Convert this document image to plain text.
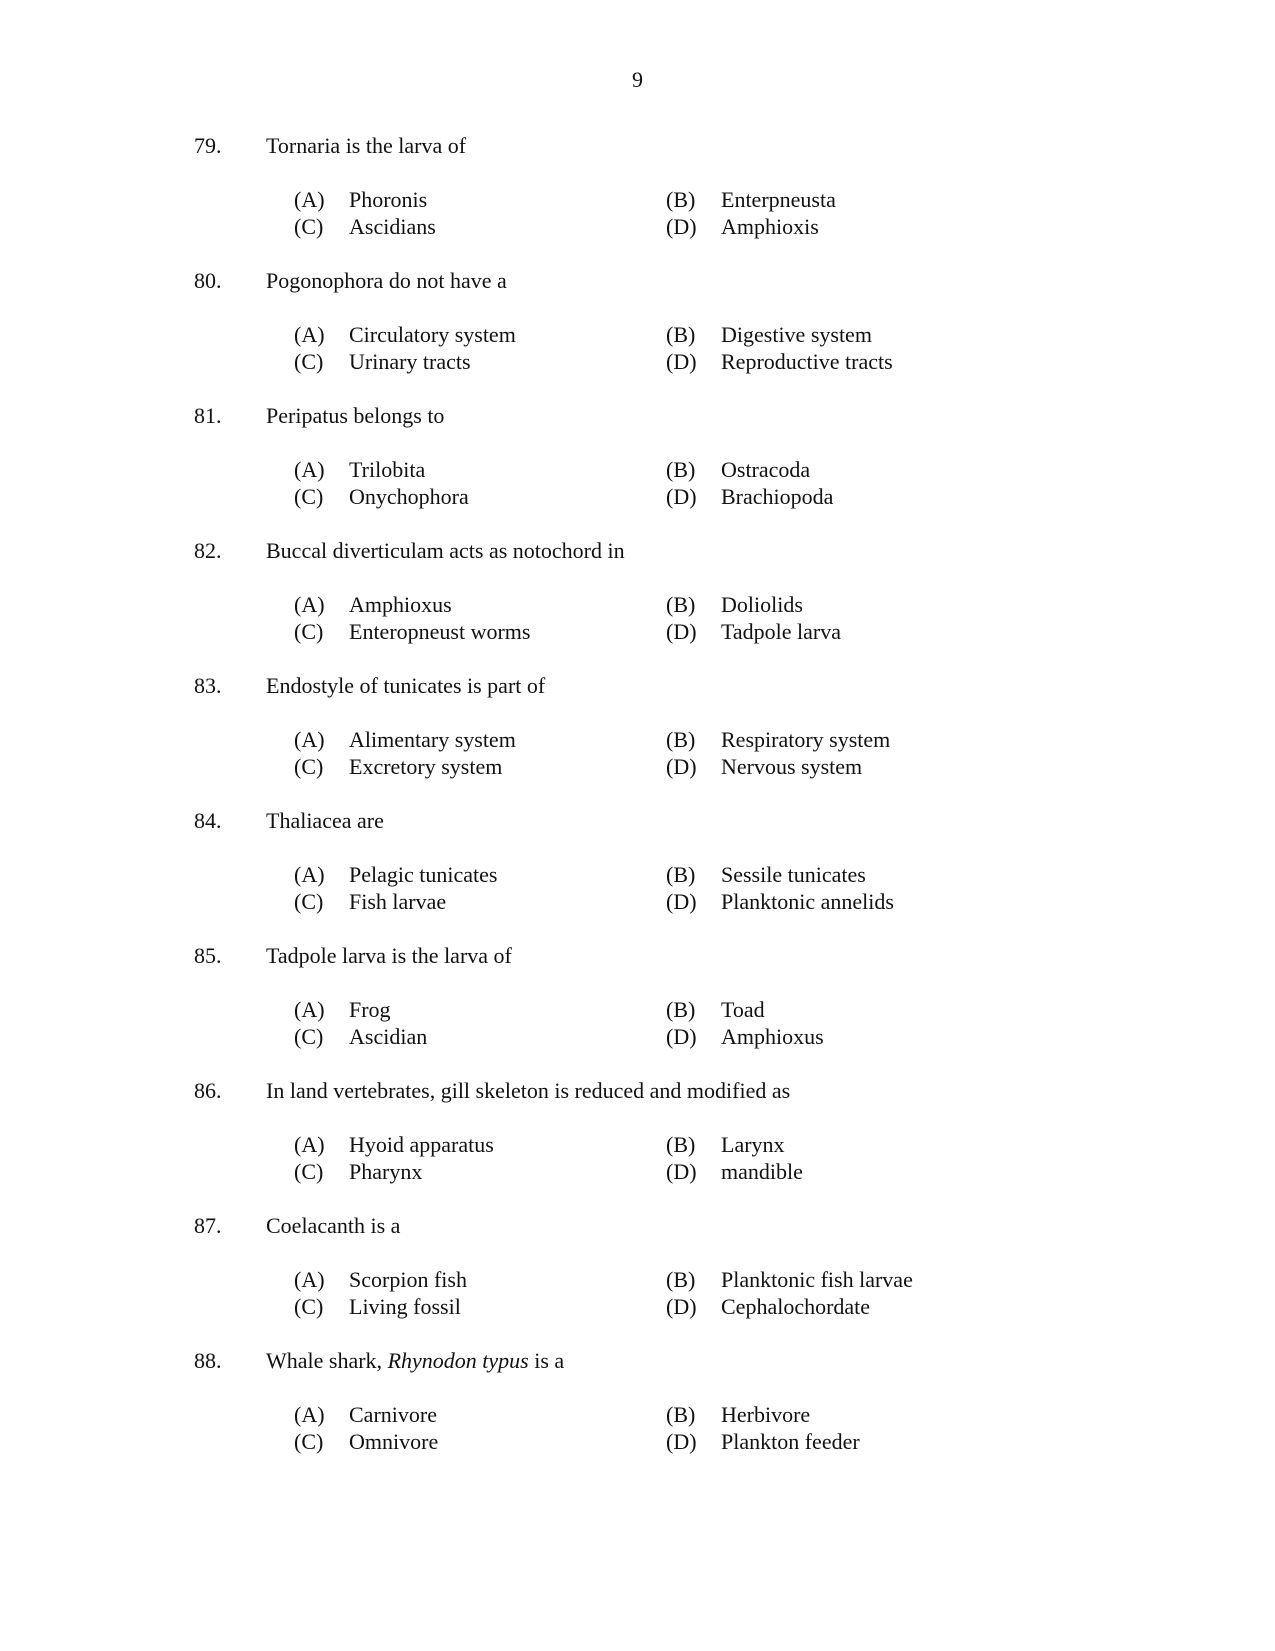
9
79. Tornaria is the larva of
(A) Phoronis	(B) Enterpneusta
(C) Ascidians	(D) Amphioxis
80. Pogonophora do not have a
(A) Circulatory system	(B) Digestive system
(C) Urinary tracts	(D) Reproductive tracts
81. Peripatus belongs to
(A) Trilobita	(B) Ostracoda
(C) Onychophora	(D) Brachiopoda
82. Buccal diverticulam acts as notochord in
(A) Amphioxus	(B) Doliolids
(C) Enteropneust worms	(D) Tadpole larva
83. Endostyle of tunicates is part of
(A) Alimentary system	(B) Respiratory system
(C) Excretory system	(D) Nervous system
84. Thaliacea are
(A) Pelagic tunicates	(B) Sessile tunicates
(C) Fish larvae	(D) Planktonic annelids
85. Tadpole larva is the larva of
(A) Frog	(B) Toad
(C) Ascidian	(D) Amphioxus
86. In land vertebrates, gill skeleton is reduced and modified as
(A) Hyoid apparatus	(B) Larynx
(C) Pharynx	(D) mandible
87. Coelacanth is a
(A) Scorpion fish	(B) Planktonic fish larvae
(C) Living fossil	(D) Cephalochordate
88. Whale shark, Rhynodon typus is a
(A) Carnivore	(B) Herbivore
(C) Omnivore	(D) Plankton feeder
